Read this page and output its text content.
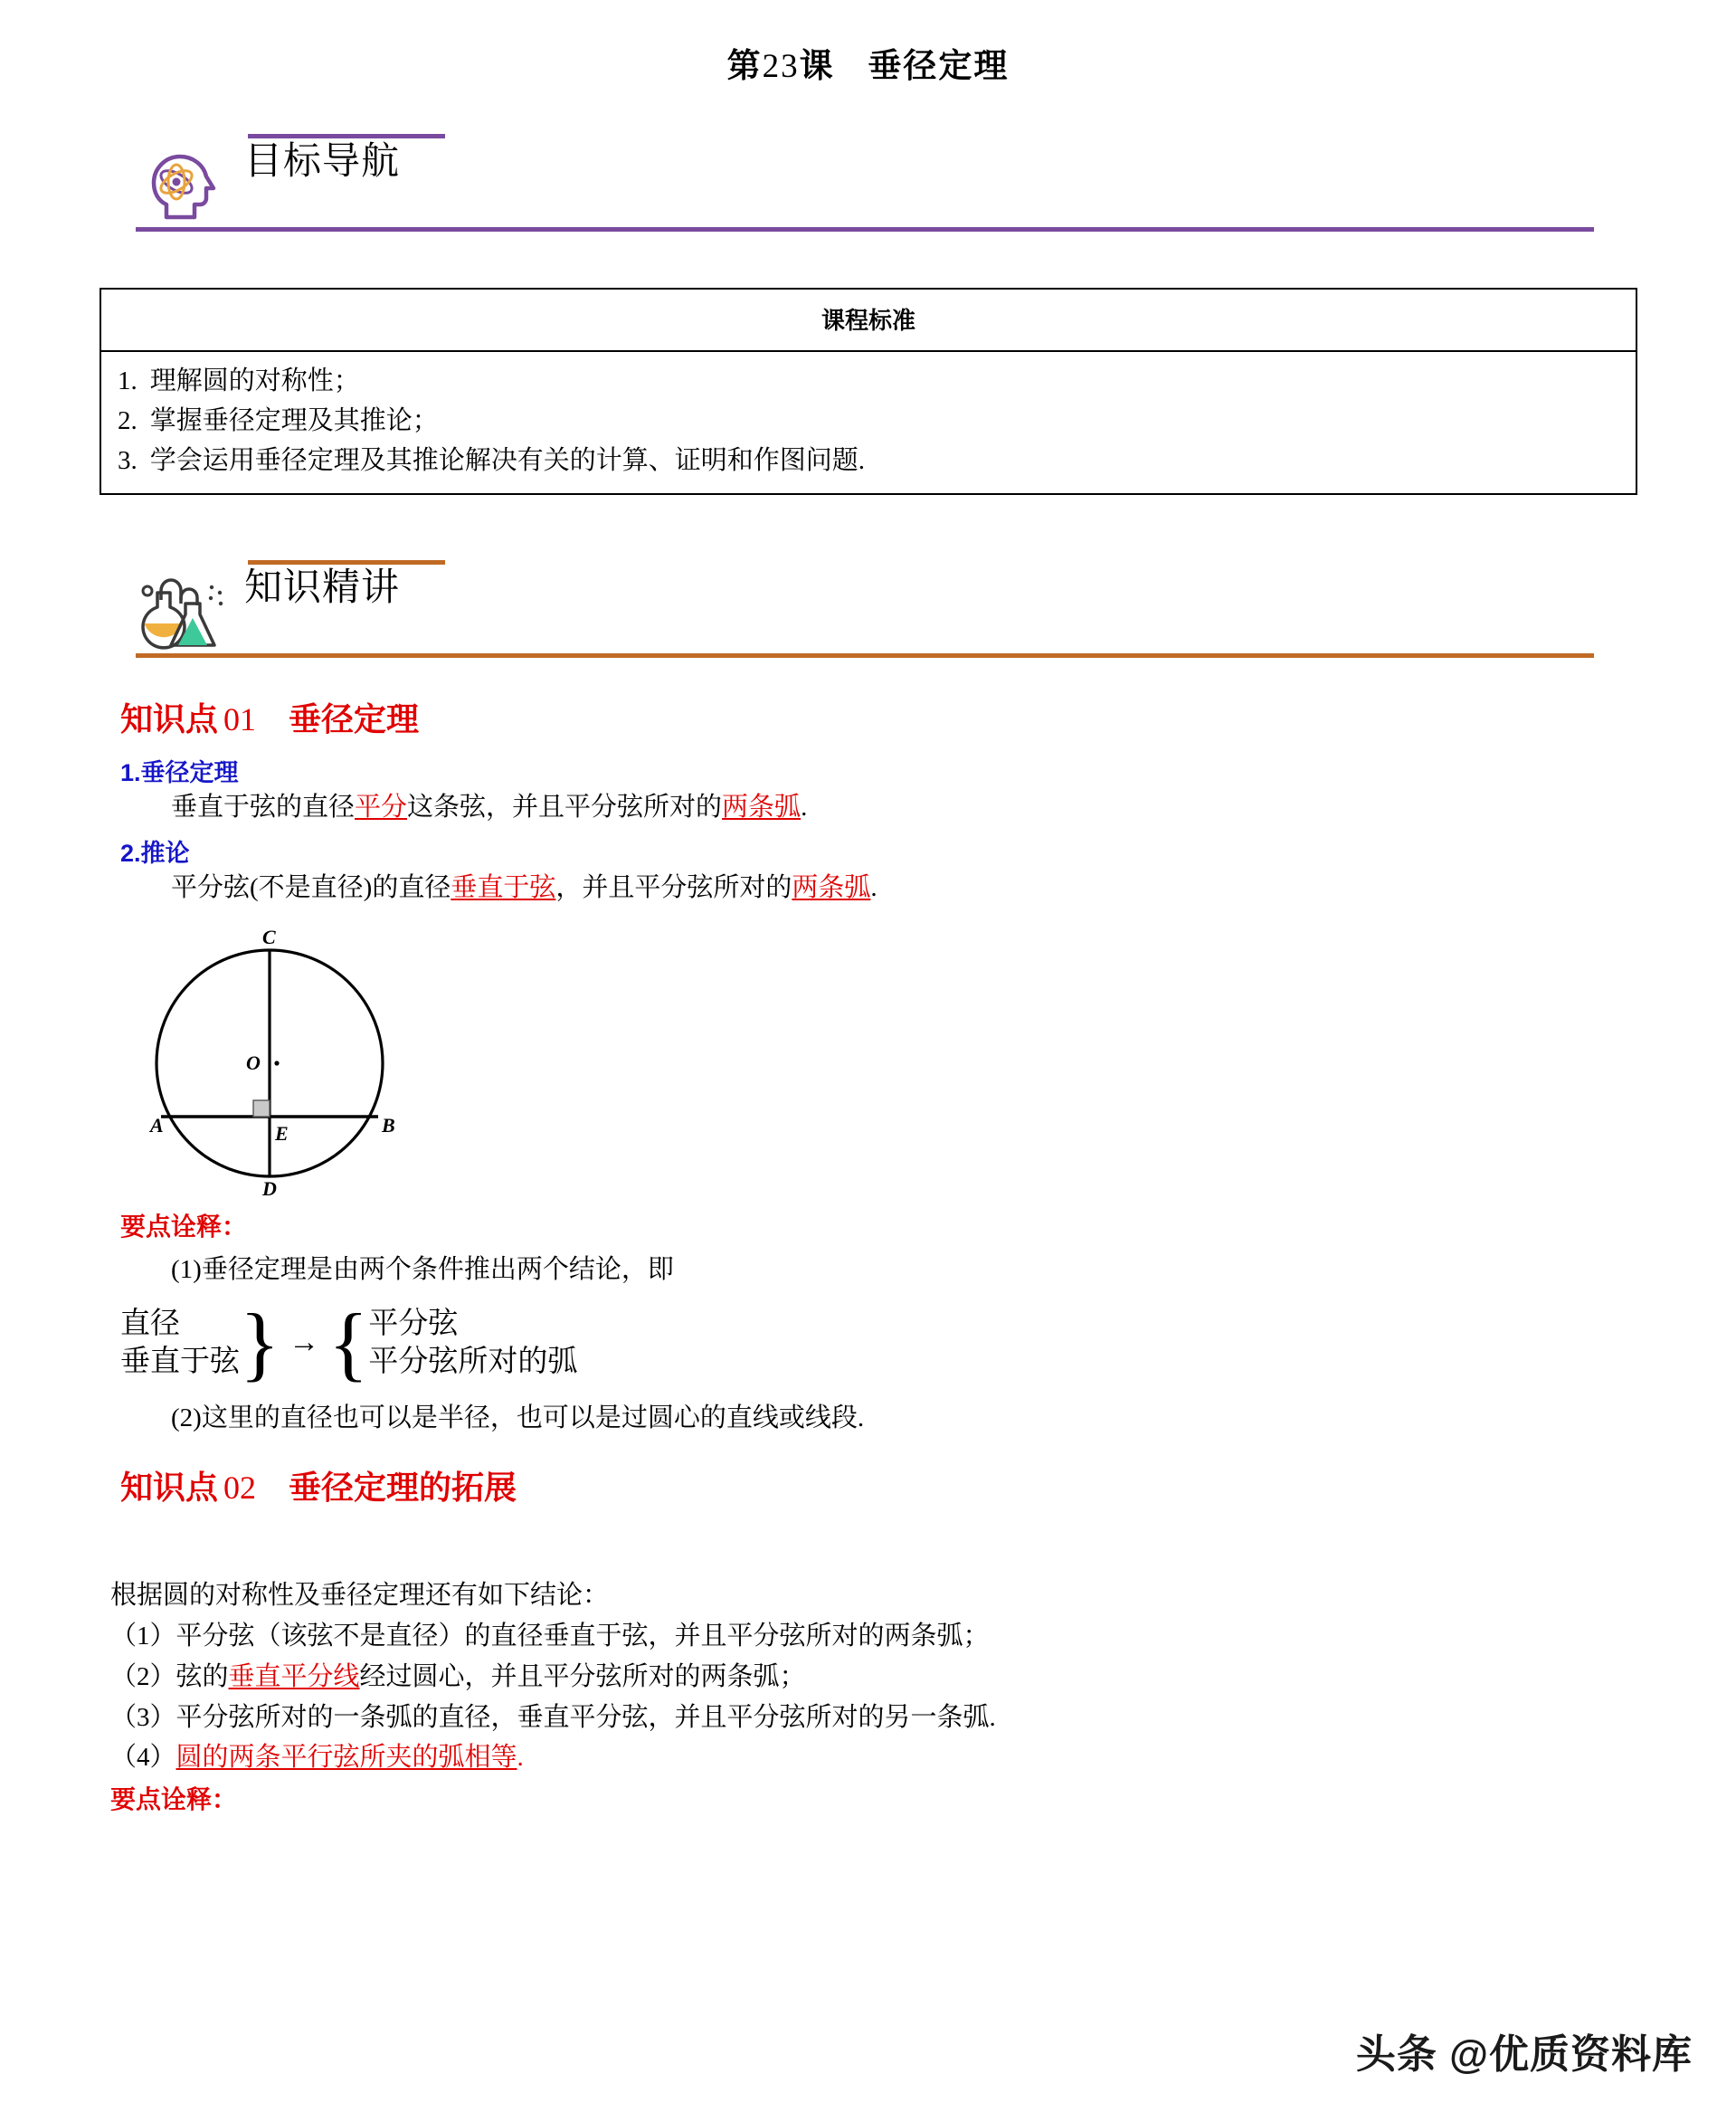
第23课 垂径定理
目标导航
课程标准
1. 理解圆的对称性；
2. 掌握垂径定理及其推论；
3. 学会运用垂径定理及其推论解决有关的计算、证明和作图问题.
知识精讲
知识点 01 垂径定理
1.垂径定理
垂直于弦的直径平分这条弦，并且平分弦所对的两条弧.
2.推论
平分弦(不是直径)的直径垂直于弦，并且平分弦所对的两条弧.
C
O
A	B
E
D
要点诠释：
(1)垂径定理是由两个条件推出两个结论，即
直径
垂直于弦 } → { 平分弦
平分弦所对的弧
(2)这里的直径也可以是半径，也可以是过圆心的直线或线段.
知识点 02 垂径定理的拓展
根据圆的对称性及垂径定理还有如下结论：
（1）平分弦（该弦不是直径）的直径垂直于弦，并且平分弦所对的两条弧；
（2）弦的垂直平分线经过圆心，并且平分弦所对的两条弧；
（3）平分弦所对的一条弧的直径，垂直平分弦，并且平分弦所对的另一条弧.
（4）圆的两条平行弦所夹的弧相等.
要点诠释：
头条 @优质资料库
